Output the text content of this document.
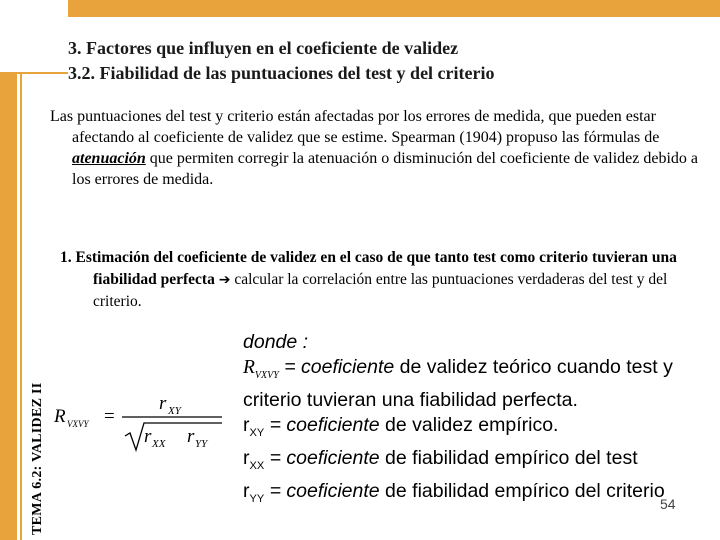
TEMA 6.2: VALIDEZ II
3. Factores que influyen en el coeficiente de validez
3.2. Fiabilidad de las puntuaciones del test y del criterio

Las puntuaciones del test y criterio están afectadas por los errores de medida, que pueden estar afectando al coeficiente de validez que se estime. Spearman (1904) propuso las fórmulas de atenuación que permiten corregir la atenuación o disminución del coeficiente de validez debido a los errores de medida.

1. Estimación del coeficiente de validez en el caso de que tanto test como criterio tuvieran una fiabilidad perfecta ➔ calcular la correlación entre las puntuaciones verdaderas del test y del criterio.

R VXVY =
r XY
r XX r YY
donde :
$R_{VXVY}$ = coeficiente de validez teórico cuando test y
criterio tuvieran una fiabilidad perfecta.
$r_{XY}$ = coeficiente de validez empírico.
$r_{XX}$ = coeficiente de fiabilidad empírico del test
$r_{YY}$ = coeficiente de fiabilidad empírico del criterio
54
